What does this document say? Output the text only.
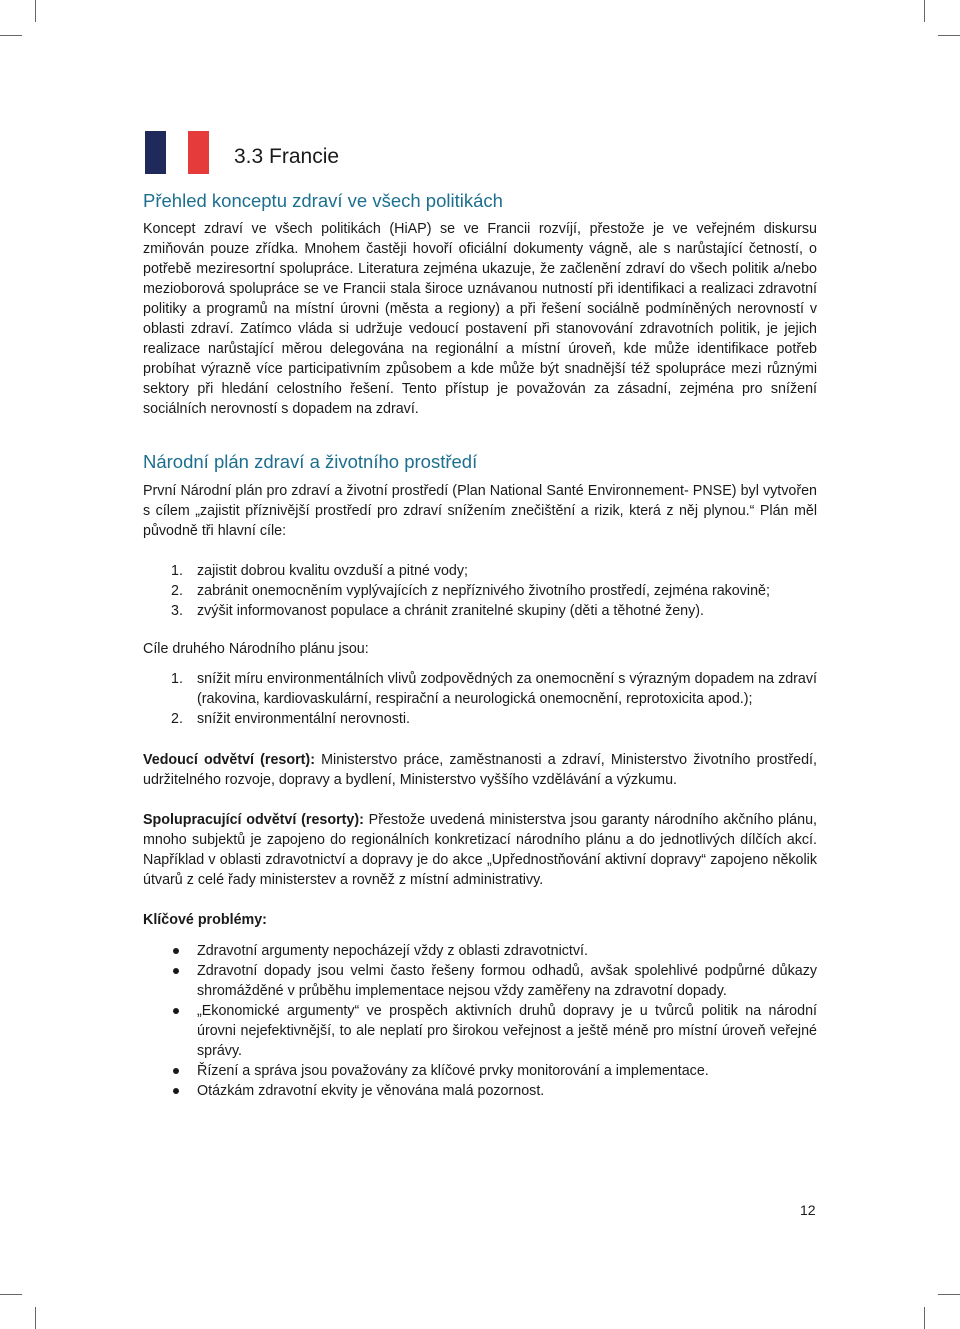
3.3 Francie
Přehled konceptu zdraví ve všech politikách

Koncept zdraví ve všech politikách (HiAP) se ve Francii rozvíjí, přestože je ve veřejném diskursu zmiňován pouze zřídka. Mnohem častěji hovoří oficiální dokumenty vágně, ale s narůstající četností, o potřebě meziresortní spolupráce. Literatura zejména ukazuje, že začlenění zdraví do všech politik a/nebo mezioborová spolupráce se ve Francii stala široce uznávanou nutností při identifikaci a realizaci zdravotní politiky a programů na místní úrovni (města a regiony) a při řešení sociálně podmíněných nerovností v oblasti zdraví. Zatímco vláda si udržuje vedoucí postavení při stanovování zdravotních politik, je jejich realizace narůstající měrou delegována na regionální a místní úroveň, kde může identifikace potřeb probíhat výrazně více participativním způsobem a kde může být snadnější též spolupráce mezi různými sektory při hledání celostního řešení. Tento přístup je považován za zásadní, zejména pro snížení sociálních nerovností s dopadem na zdraví.

Národní plán zdraví a životního prostředí

První Národní plán pro zdraví a životní prostředí (Plan National Santé Environnement- PNSE) byl vytvořen s cílem „zajistit příznivější prostředí pro zdraví snížením znečištění a rizik, která z něj plynou.“ Plán měl původně tři hlavní cíle:

1. zajistit dobrou kvalitu ovzduší a pitné vody;
2. zabránit onemocněním vyplývajících z nepříznivého životního prostředí, zejména rakovině;
3. zvýšit informovanost populace a chránit zranitelné skupiny (děti a těhotné ženy).

Cíle druhého Národního plánu jsou:

1. snížit míru environmentálních vlivů zodpovědných za onemocnění s výrazným dopadem na zdraví (rakovina, kardiovaskulární, respirační a neurologická onemocnění, reprotoxicita apod.);
2. snížit environmentální nerovnosti.

Vedoucí odvětví (resort): Ministerstvo práce, zaměstnanosti a zdraví, Ministerstvo životního prostředí, udržitelného rozvoje, dopravy a bydlení, Ministerstvo vyššího vzdělávání a výzkumu.

Spolupracující odvětví (resorty): Přestože uvedená ministerstva jsou garanty národního akčního plánu, mnoho subjektů je zapojeno do regionálních konkretizací národního plánu a do jednotlivých dílčích akcí. Například v oblasti zdravotnictví a dopravy je do akce „Upřednostňování aktivní dopravy“ zapojeno několik útvarů z celé řady ministerstev a rovněž z místní administrativy.

Klíčové problémy:

Zdravotní argumenty nepocházejí vždy z oblasti zdravotnictví.
Zdravotní dopady jsou velmi často řešeny formou odhadů, avšak spolehlivé podpůrné důkazy shromážděné v průběhu implementace nejsou vždy zaměřeny na zdravotní dopady.
„Ekonomické argumenty“ ve prospěch aktivních druhů dopravy je u tvůrců politik na národní úrovni nejefektivnější, to ale neplatí pro širokou veřejnost a ještě méně pro místní úroveň veřejné správy.
Řízení a správa jsou považovány za klíčové prvky monitorování a implementace.
Otázkám zdravotní ekvity je věnována malá pozornost.
12
